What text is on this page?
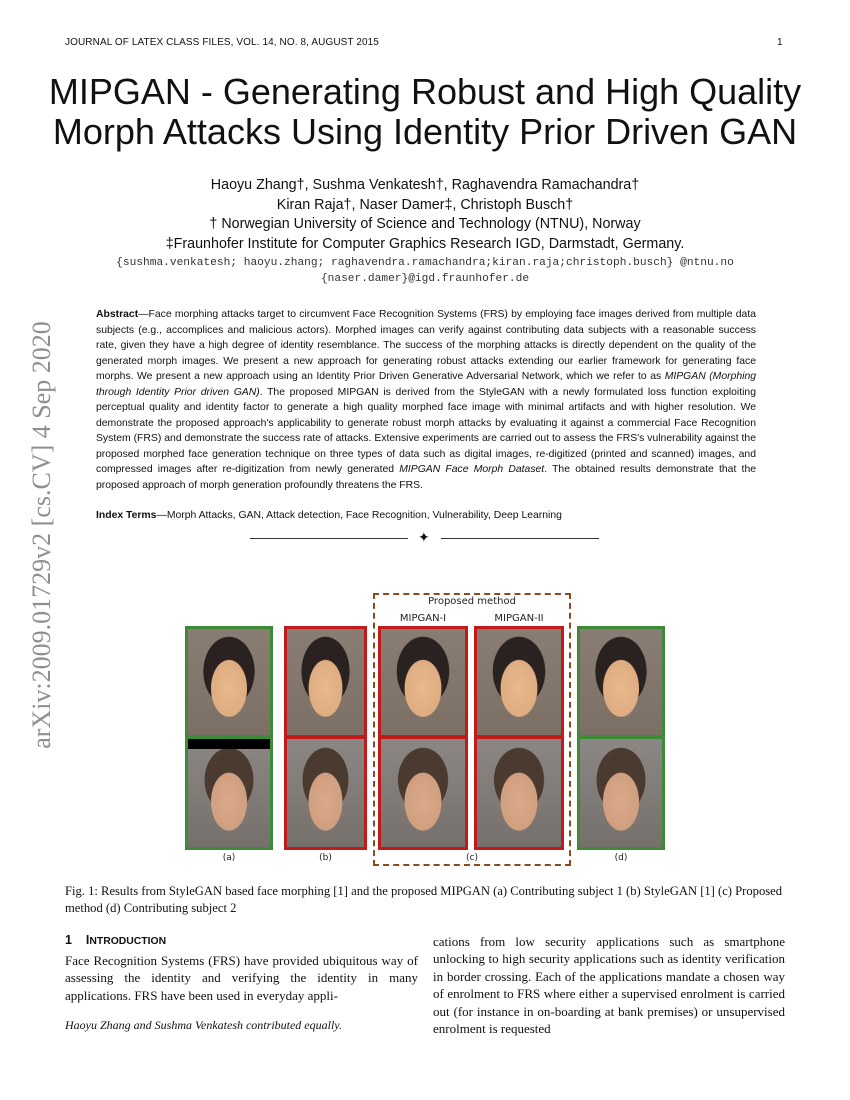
JOURNAL OF LATEX CLASS FILES, VOL. 14, NO. 8, AUGUST 2015	1
arXiv:2009.01729v2 [cs.CV] 4 Sep 2020
MIPGAN - Generating Robust and High Quality
Morph Attacks Using Identity Prior Driven GAN
Haoyu Zhang†, Sushma Venkatesh†, Raghavendra Ramachandra†
Kiran Raja†, Naser Damer‡, Christoph Busch†
† Norwegian University of Science and Technology (NTNU), Norway
‡Fraunhofer Institute for Computer Graphics Research IGD, Darmstadt, Germany.
{sushma.venkatesh; haoyu.zhang; raghavendra.ramachandra;kiran.raja;christoph.busch} @ntnu.no
{naser.damer}@igd.fraunhofer.de
Abstract—Face morphing attacks target to circumvent Face Recognition Systems (FRS) by employing face images derived from multiple data subjects (e.g., accomplices and malicious actors). Morphed images can verify against contributing data subjects with a reasonable success rate, given they have a high degree of identity resemblance. The success of the morphing attacks is directly dependent on the quality of the generated morph images. We present a new approach for generating robust attacks extending our earlier framework for generating face morphs. We present a new approach using an Identity Prior Driven Generative Adversarial Network, which we refer to as MIPGAN (Morphing through Identity Prior driven GAN). The proposed MIPGAN is derived from the StyleGAN with a newly formulated loss function exploiting perceptual quality and identity factor to generate a high quality morphed face image with minimal artifacts and with higher resolution. We demonstrate the proposed approach's applicability to generate robust morph attacks by evaluating it against a commercial Face Recognition System (FRS) and demonstrate the success rate of attacks. Extensive experiments are carried out to assess the FRS's vulnerability against the proposed morphed face generation technique on three types of data such as digital images, re-digitized (printed and scanned) images, and compressed images after re-digitization from newly generated MIPGAN Face Morph Dataset. The obtained results demonstrate that the proposed approach of morph generation profoundly threatens the FRS.
Index Terms—Morph Attacks, GAN, Attack detection, Face Recognition, Vulnerability, Deep Learning
✦
Proposed method
MIPGAN-I	MIPGAN-II
(a)	(b)	(c)	(d)
Fig. 1: Results from StyleGAN based face morphing [1] and the proposed MIPGAN (a) Contributing subject 1 (b) StyleGAN [1] (c) Proposed method (d) Contributing subject 2
1 INTRODUCTION
Face Recognition Systems (FRS) have provided ubiquitous way of assessing the identity and verifying the identity in many applications. FRS have been used in everyday appli-
cations from low security applications such as smartphone unlocking to high security applications such as identity verification in border crossing. Each of the applications mandate a chosen way of enrolment to FRS where either a supervised enrolment is carried out (for instance in on-boarding at bank premises) or unsupervised enrolment is requested
Haoyu Zhang and Sushma Venkatesh contributed equally.
